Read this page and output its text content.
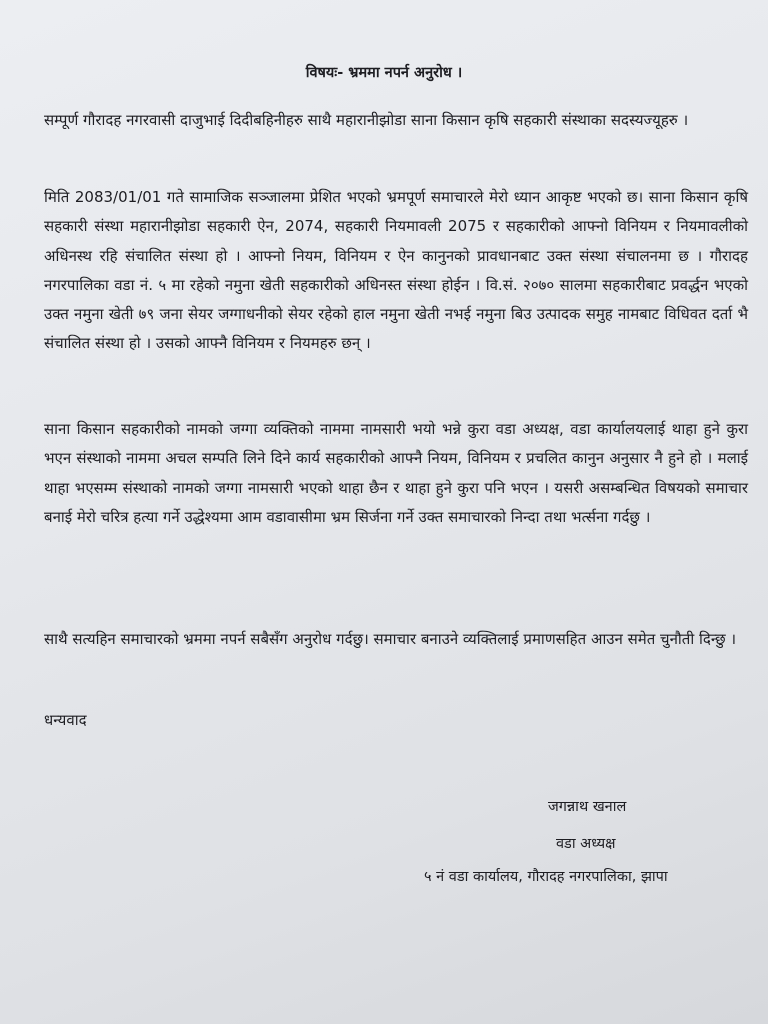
विषयः- भ्रममा नपर्न अनुरोध ।

सम्पूर्ण गौरादह नगरवासी दाजुभाई दिदीबहिनीहरु साथै महारानीझोडा साना किसान कृषि सहकारी संस्थाका सदस्यज्यूहरु ।

मिति 2083/01/01 गते सामाजिक सञ्जालमा प्रेशित भएको भ्रमपूर्ण समाचारले मेरो ध्यान आकृष्ट भएको छ। साना किसान कृषि सहकारी संस्था महारानीझोडा सहकारी ऐन, 2074, सहकारी नियमावली 2075 र सहकारीको आफ्नो विनियम र नियमावलीको अधिनस्थ रहि संचालित संस्था हो । आफ्नो नियम, विनियम र ऐन कानुनको प्रावधानबाट उक्त संस्था संचालनमा छ । गौरादह नगरपालिका वडा नं. ५ मा रहेको नमुना खेती सहकारीको अधिनस्त संस्था होईन । वि.सं. २०७० सालमा सहकारीबाट प्रवर्द्धन भएको उक्त नमुना खेती ७९ जना सेयर जग्गाधनीको सेयर रहेको हाल नमुना खेती नभई नमुना बिउ उत्पादक समुह नामबाट विधिवत दर्ता भै संचालित संस्था हो । उसको आफ्नै विनियम र नियमहरु छन् ।

साना किसान सहकारीको नामको जग्गा व्यक्तिको नाममा नामसारी भयो भन्ने कुरा वडा अध्यक्ष, वडा कार्यालयलाई थाहा हुने कुरा भएन संस्थाको नाममा अचल सम्पति लिने दिने कार्य सहकारीको आफ्नै नियम, विनियम र प्रचलित कानुन अनुसार नै हुने हो । मलाई थाहा भएसम्म संस्थाको नामको जग्गा नामसारी भएको थाहा छैन र थाहा हुने कुरा पनि भएन । यसरी असम्बन्धित विषयको समाचार बनाई मेरो चरित्र हत्या गर्ने उद्धेश्यमा आम वडावासीमा भ्रम सिर्जना गर्ने उक्त समाचारको निन्दा तथा भर्त्सना गर्दछु ।

साथै सत्यहिन समाचारको भ्रममा नपर्न सबैसँग अनुरोध गर्दछु। समाचार बनाउने व्यक्तिलाई प्रमाणसहित आउन समेत चुनौती दिन्छु ।

धन्यवाद

जगन्नाथ खनाल
वडा अध्यक्ष
५ नं वडा कार्यालय, गौरादह नगरपालिका, झापा
